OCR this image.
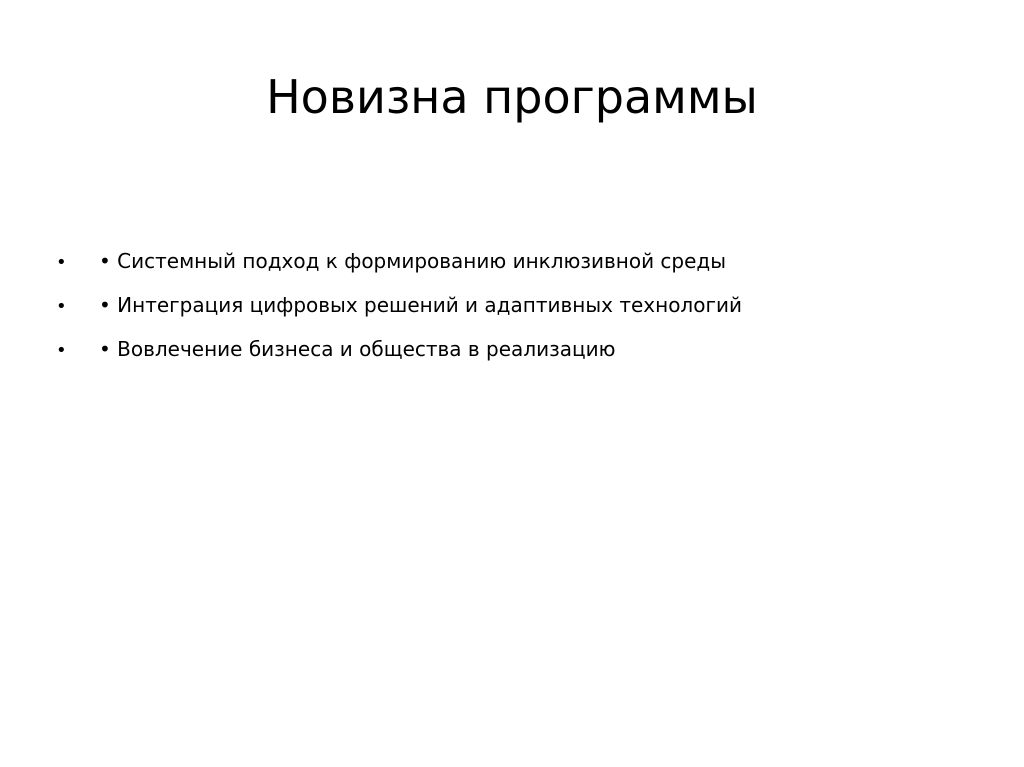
Новизна программы
•	• Системный подход к формированию инклюзивной среды
•	• Интеграция цифровых решений и адаптивных технологий
•	• Вовлечение бизнеса и общества в реализацию
